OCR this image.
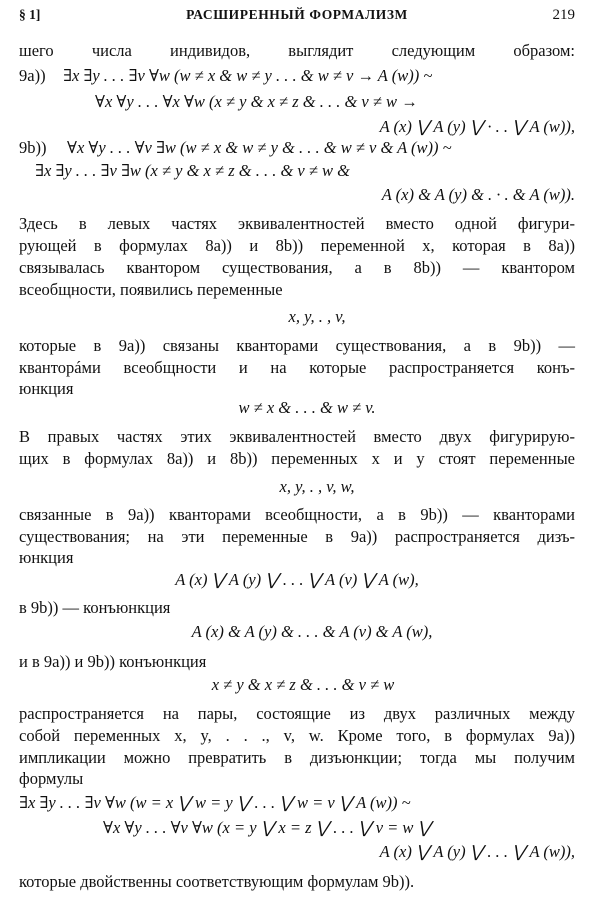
§ 1]	РАСШИРЕННЫЙ ФОРМАЛИЗМ	219
шего числа индивидов, выглядит следующим образом:
9a)) ∃x ∃y . . . ∃v ∀w (w ≠ x & w ≠ y . . . & w ≠ v → A (w)) ~
∀x ∀y . . . ∀x ∀w (x ≠ y & x ≠ z & . . . & v ≠ w →
A (x) ⋁ A (y) ⋁ · . . ⋁ A (w)),
9b)) ∀x ∀y . . . ∀v ∃w (w ≠ x & w ≠ y & . . . & w ≠ v & A (w)) ~
∃x ∃y . . . ∃v ∃w (x ≠ y & x ≠ z & . . . & v ≠ w &
A (x) & A (y) & . · . & A (w)).
Здесь в левых частях эквивалентностей вместо одной фигури-
рующей в формулах 8a)) и 8b)) переменной x, которая в 8a))
связывалась квантором существования, а в 8b)) — квантором
всеобщности, появились переменные
x, y, . , v,
которые в 9a)) связаны кванторами существования, а в 9b)) —
кванторáми всеобщности и на которые распространяется конъ-
юнкция
w ≠ x & . . . & w ≠ v.
В правых частях этих эквивалентностей вместо двух фигурирую-
щих в формулах 8a)) и 8b)) переменных x и y стоят переменные
x, y, . , v, w,
связанные в 9a)) кванторами всеобщности, а в 9b)) — кванторами
существования; на эти переменные в 9a)) распространяется дизъ-
юнкция
A (x) ⋁ A (y) ⋁ . . . ⋁ A (v) ⋁ A (w),
в 9b)) — конъюнкция
A (x) & A (y) & . . . & A (v) & A (w),
и в 9a)) и 9b)) конъюнкция
x ≠ y & x ≠ z & . . . & v ≠ w
распространяется на пары, состоящие из двух различных между
собой переменных x, y, . . ., v, w. Кроме того, в формулах 9a))
импликации можно превратить в дизъюнкции; тогда мы получим
формулы
∃x ∃y . . . ∃v ∀w (w = x ⋁ w = y ⋁ . . . ⋁ w = v ⋁ A (w)) ~
∀x ∀y . . . ∀v ∀w (x = y ⋁ x = z ⋁ . . . ⋁ v = w ⋁
A (x) ⋁ A (y) ⋁ . . . ⋁ A (w)),
которые двойственны соответствующим формулам 9b)).
